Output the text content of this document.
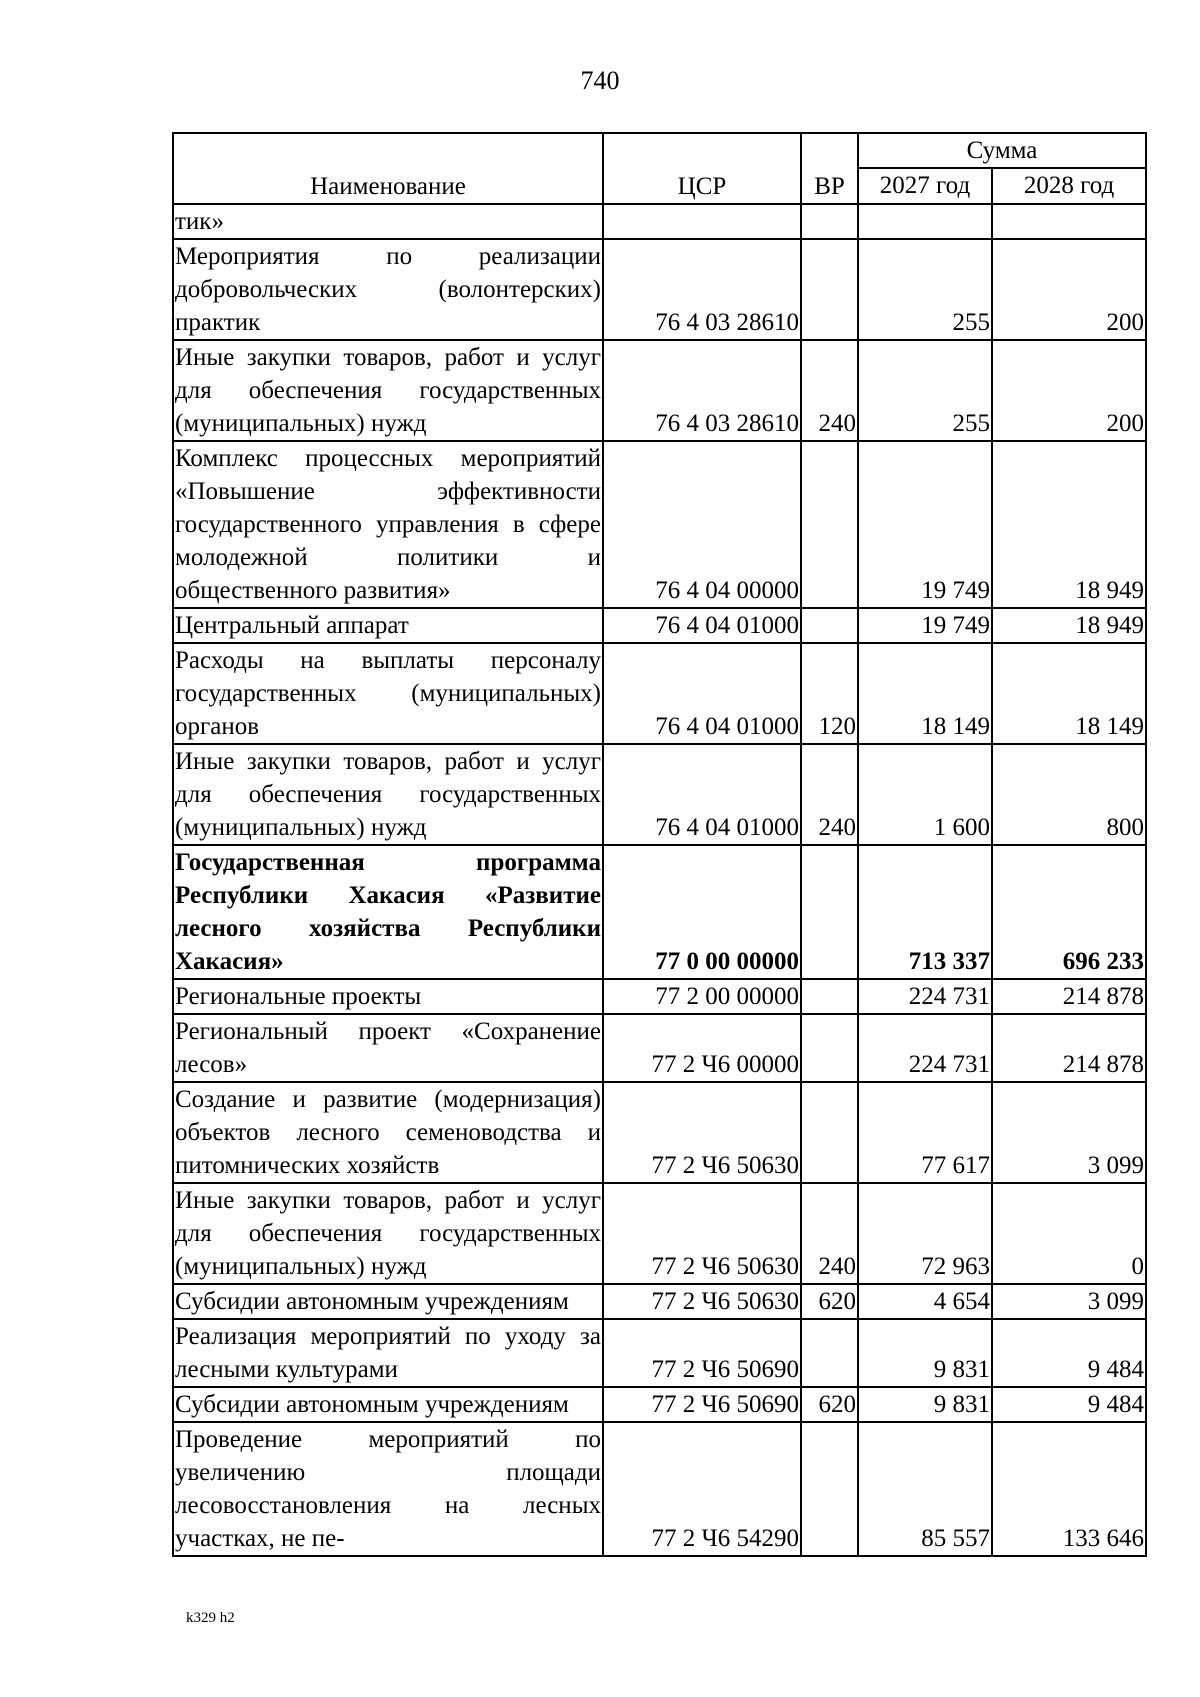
740
Наименование	ЦСР	ВР	Сумма	
			2027 год	2028 год
тик»				
Мероприятия по реализации добровольческих (волонтерских) практик	76 4 03 28610		255	200
Иные закупки товаров, работ и услуг для обеспечения государственных (муниципальных) нужд	76 4 03 28610	240	255	200
Комплекс процессных мероприятий «Повышение эффективности государственного управления в сфере молодежной политики и общественного развития»	76 4 04 00000		19 749	18 949
Центральный аппарат	76 4 04 01000		19 749	18 949
Расходы на выплаты персоналу государственных (муниципальных) органов	76 4 04 01000	120	18 149	18 149
Иные закупки товаров, работ и услуг для обеспечения государственных (муниципальных) нужд	76 4 04 01000	240	1 600	800
Государственная программа Республики Хакасия «Развитие лесного хозяйства Республики Хакасия»	77 0 00 00000		713 337	696 233
Региональные проекты	77 2 00 00000		224 731	214 878
Региональный проект «Сохранение лесов»	77 2 Ч6 00000		224 731	214 878
Создание и развитие (модернизация) объектов лесного семеноводства и питомнических хозяйств	77 2 Ч6 50630		77 617	3 099
Иные закупки товаров, работ и услуг для обеспечения государственных (муниципальных) нужд	77 2 Ч6 50630	240	72 963	0
Субсидии автономным учреждениям	77 2 Ч6 50630	620	4 654	3 099
Реализация мероприятий по уходу за лесными культурами	77 2 Ч6 50690		9 831	9 484
Субсидии автономным учреждениям	77 2 Ч6 50690	620	9 831	9 484
Проведение мероприятий по увеличению площади лесовосстановления на лесных участках, не пе-	77 2 Ч6 54290		85 557	133 646
k329 h2
